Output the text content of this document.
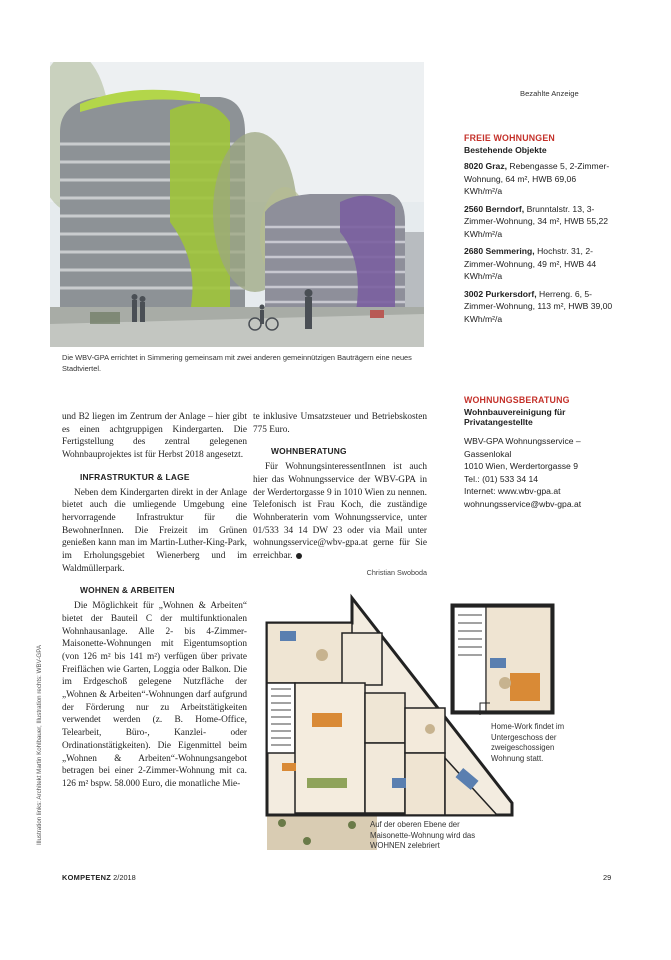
Die WBV-GPA errichtet in Simmering gemeinsam mit zwei anderen gemeinnützigen Bauträgern eine neues Stadtviertel.
Bezahlte Anzeige
FREIE WOHNUNGEN
Bestehende Objekte
8020 Graz, Rebengasse 5, 2-Zimmer-Wohnung, 64 m², HWB 69,06 KWh/m²/a
2560 Berndorf, Brunntalstr. 13, 3-Zimmer-Wohnung, 34 m², HWB 55,22 KWh/m²/a
2680 Semmering, Hochstr. 31, 2-Zimmer-Wohnung, 49 m², HWB 44 KWh/m²/a
3002 Purkersdorf, Herreng. 6, 5-Zimmer-Wohnung, 113 m², HWB 39,00 KWh/m²/a
WOHNUNGSBERATUNG
Wohnbauvereinigung für Privatangestellte
WBV-GPA Wohnungsservice –
Gassenlokal
1010 Wien, Werdertorgasse 9
Tel.: (01) 533 34 14
Internet: www.wbv-gpa.at
wohnungsservice@wbv-gpa.at

und B2 liegen im Zentrum der Anlage – hier gibt es einen achtgruppigen Kindergarten. Die Fertigstellung des zentral gelegenen Wohnbauprojektes ist für Herbst 2018 angesetzt.

INFRASTRUKTUR & LAGE

Neben dem Kindergarten direkt in der Anlage bietet auch die umliegende Umgebung eine hervorragende Infrastruktur für die BewohnerInnen. Die Freizeit im Grünen genießen kann man im Martin-Luther-King-Park, im Erholungsgebiet Wienerberg und im Waldmüllerpark.

WOHNEN & ARBEITEN

Die Möglichkeit für „Wohnen & Arbeiten“ bietet der Bauteil C der multifunktionalen Wohnhausanlage. Alle 2- bis 4-Zimmer-Maisonette-Wohnungen mit Eigentumsoption (von 126 m² bis 141 m²) verfügen über private Freiflächen wie Garten, Loggia oder Balkon. Die im Erdgeschoß gelegene Nutzfläche der „Wohnen & Arbeiten“-Wohnungen darf aufgrund der Förderung nur zu Arbeitstätigkeiten verwendet werden (z. B. Home-Office, Telearbeit, Büro-, Kanzlei- oder Ordinationstätigkeiten). Die Eigenmittel beim „Wohnen & Arbeiten“-Wohnungsangebot betragen bei einer 2-Zimmer-Wohnung mit ca. 126 m² bspw. 58.000 Euro, die monatliche Mie-

te inklusive Umsatzsteuer und Betriebskosten 775 Euro.

WOHNBERATUNG

Für WohnungsinteressentInnen ist auch hier das Wohnungsservice der WBV-GPA in der Werdertorgasse 9 in 1010 Wien zu nennen. Telefonisch ist Frau Koch, die zuständige Wohnberaterin vom Wohnungsservice, unter 01/533 34 14 DW 23 oder via Mail unter wohnungsservice@wbv-gpa.at gerne für Sie erreichbar.

Christian Swoboda
Illustration links: Architekt Martin Kohlbauer, Illustration rechts: WBV-GPA	Home-Work findet im Untergeschoss der zweigeschossigen Wohnung statt.
Auf der oberen Ebene der Maisonette-Wohnung wird das WOHNEN zelebriert
KOMPETENZ 2/2018	29
